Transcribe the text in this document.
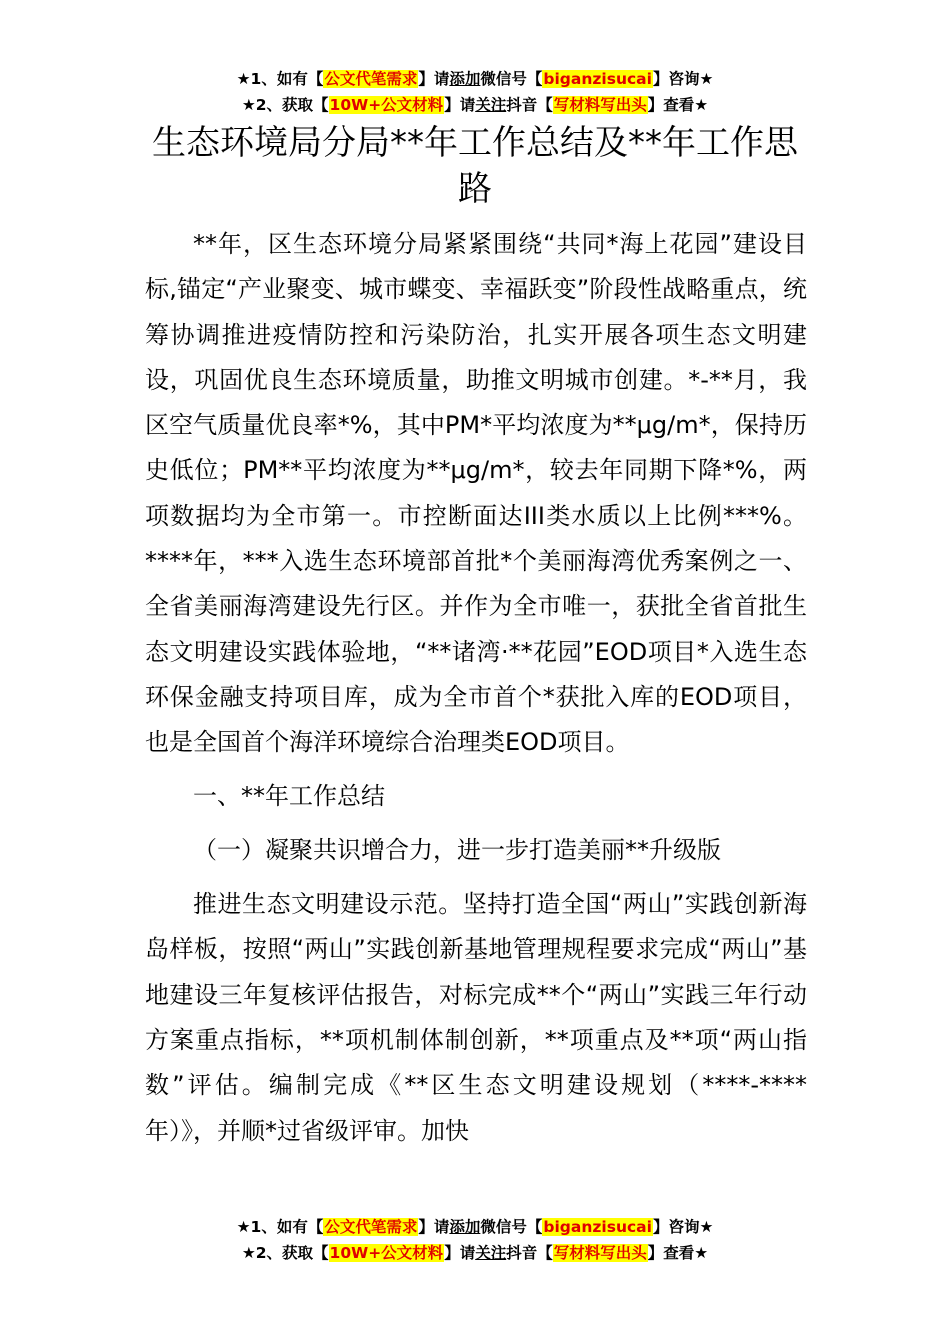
★1、如有【公文代笔需求】请添加微信号【biganzisucai】咨询★
★2、获取【10W+公文材料】请关注抖音【写材料写出头】查看★
生态环境局分局**年工作总结及**年工作思路

**年，区生态环境分局紧紧围绕“共同*海上花园”建设目标,锚定“产业聚变、城市蝶变、幸福跃变”阶段性战略重点，统筹协调推进疫情防控和污染防治，扎实开展各项生态文明建设，巩固优良生态环境质量，助推文明城市创建。*-**月，我区空气质量优良率*%，其中PM*平均浓度为**μg/m*，保持历史低位；PM**平均浓度为**μg/m*，较去年同期下降*%，两项数据均为全市第一。市控断面达III类水质以上比例***%。****年，***入选生态环境部首批*个美丽海湾优秀案例之一、全省美丽海湾建设先行区。并作为全市唯一，获批全省首批生态文明建设实践体验地，“**诸湾·**花园”EOD项目*入选生态环保金融支持项目库，成为全市首个*获批入库的EOD项目，也是全国首个海洋环境综合治理类EOD项目。

一、**年工作总结

（一）凝聚共识增合力，进一步打造美丽**升级版

推进生态文明建设示范。坚持打造全国“两山”实践创新海岛样板，按照“两山”实践创新基地管理规程要求完成“两山”基地建设三年复核评估报告，对标完成**个“两山”实践三年行动方案重点指标，**项机制体制创新，**项重点及**项“两山指数”评估。编制完成《**区生态文明建设规划（****-****年）》，并顺*过省级评审。加快

★1、如有【公文代笔需求】请添加微信号【biganzisucai】咨询★
★2、获取【10W+公文材料】请关注抖音【写材料写出头】查看★
